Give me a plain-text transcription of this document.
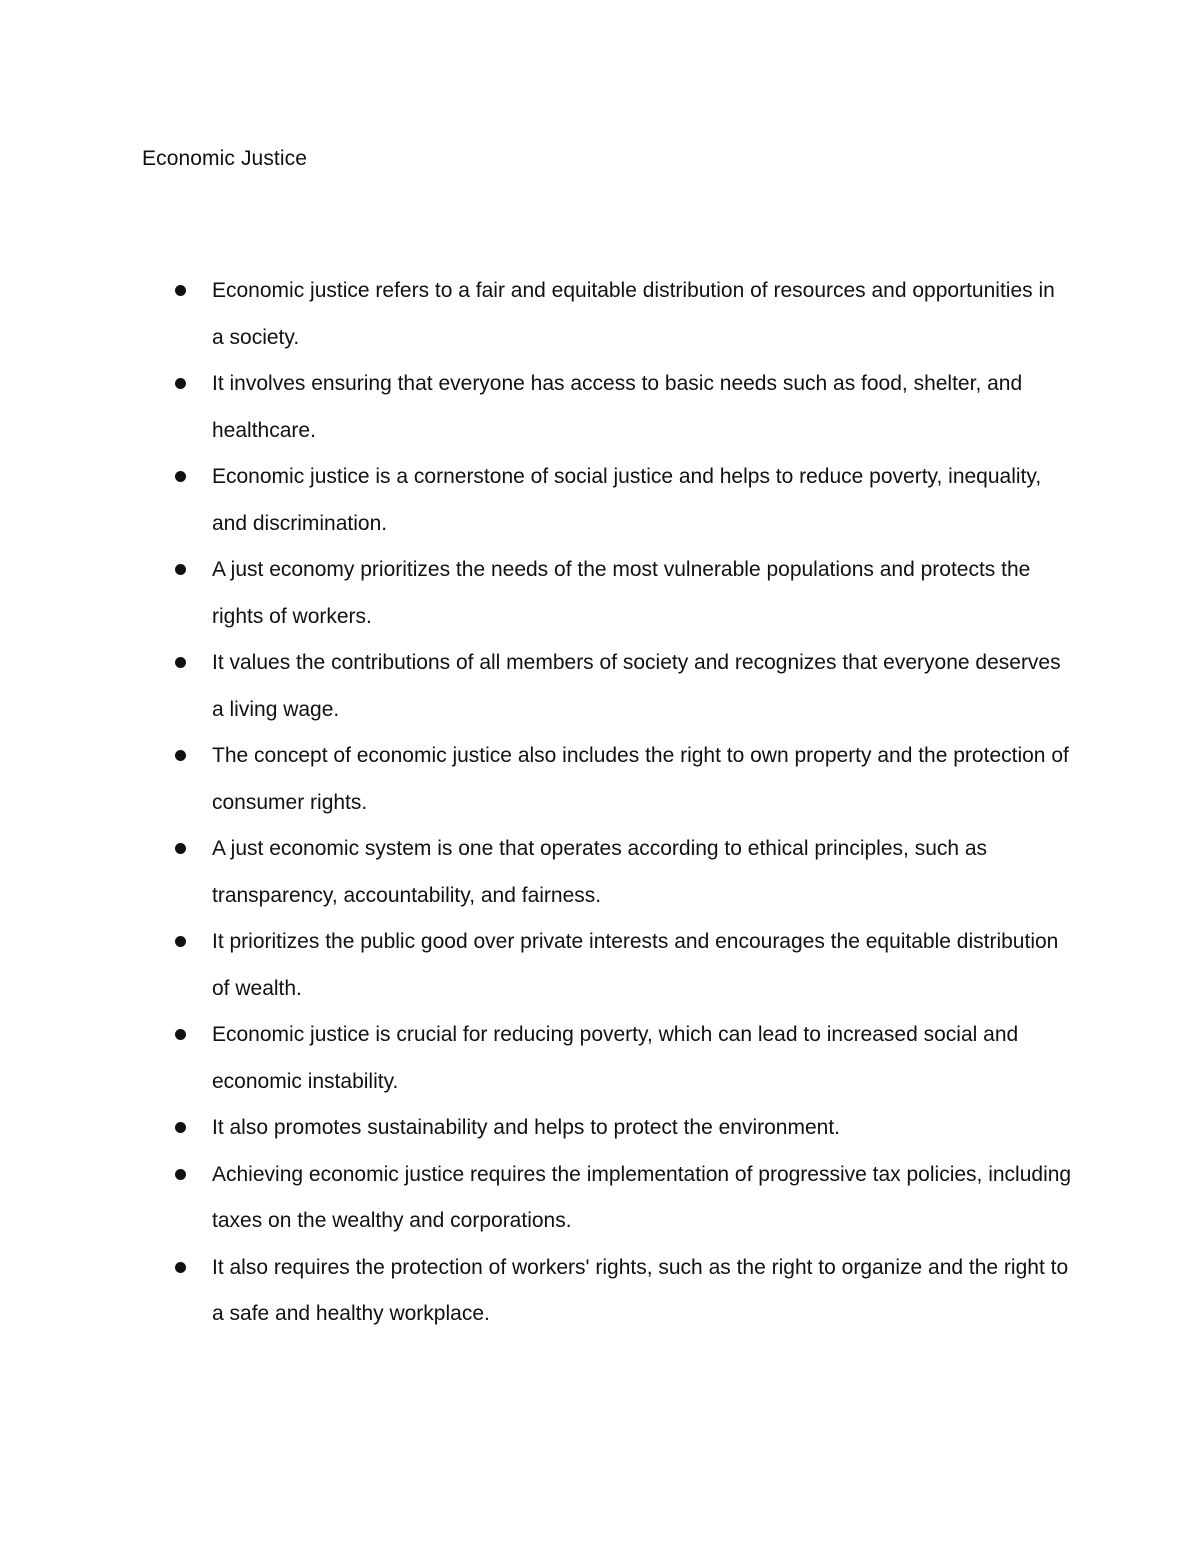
Economic Justice
Economic justice refers to a fair and equitable distribution of resources and opportunities in a society.
It involves ensuring that everyone has access to basic needs such as food, shelter, and healthcare.
Economic justice is a cornerstone of social justice and helps to reduce poverty, inequality, and discrimination.
A just economy prioritizes the needs of the most vulnerable populations and protects the rights of workers.
It values the contributions of all members of society and recognizes that everyone deserves a living wage.
The concept of economic justice also includes the right to own property and the protection of consumer rights.
A just economic system is one that operates according to ethical principles, such as transparency, accountability, and fairness.
It prioritizes the public good over private interests and encourages the equitable distribution of wealth.
Economic justice is crucial for reducing poverty, which can lead to increased social and economic instability.
It also promotes sustainability and helps to protect the environment.
Achieving economic justice requires the implementation of progressive tax policies, including taxes on the wealthy and corporations.
It also requires the protection of workers' rights, such as the right to organize and the right to a safe and healthy workplace.
